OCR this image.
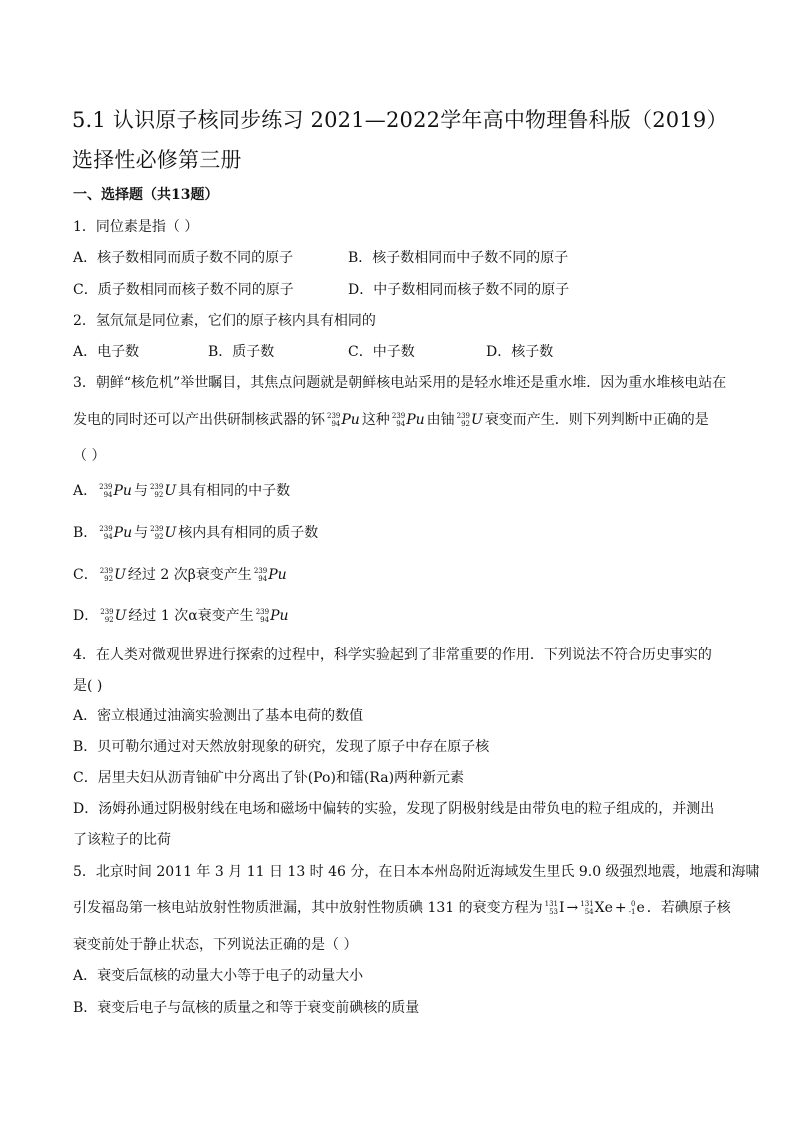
5.1 认识原子核同步练习 2021—2022学年高中物理鲁科版（2019）选择性必修第三册
一、选择题（共13题）
1．同位素是指（ ）
A．核子数相同而质子数不同的原子	B．核子数相同而中子数不同的原子
C．质子数相同而核子数不同的原子	D．中子数相同而核子数不同的原子
2．氢氘氚是同位素，它们的原子核内具有相同的
A．电子数	B．质子数	C．中子数	D．核子数
3．朝鲜“核危机”举世瞩目，其焦点问题就是朝鲜核电站采用的是轻水堆还是重水堆．因为重水堆核电站在
发电的同时还可以产出供研制核武器的钚 239
94 Pu 这种 239
94 Pu 由铀 239
92 U 衰变而产生．则下列判断中正确的是
（ ）
A． 239
94 Pu 与 239
92 U 具有相同的中子数
B． 239
94 Pu 与 239
92 U 核内具有相同的质子数
C． 239
92 U 经过 2 次β衰变产生 239
94 Pu
D． 239
92 U 经过 1 次α衰变产生 239
94 Pu
4．在人类对微观世界进行探索的过程中，科学实验起到了非常重要的作用．下列说法不符合历史事实的
是( )
A．密立根通过油滴实验测出了基本电荷的数值
B．贝可勒尔通过对天然放射现象的研究，发现了原子中存在原子核
C．居里夫妇从沥青铀矿中分离出了钋(Po)和镭(Ra)两种新元素
D．汤姆孙通过阴极射线在电场和磁场中偏转的实验，发现了阴极射线是由带负电的粒子组成的，并测出
了该粒子的比荷
5．北京时间 2011 年 3 月 11 日 13 时 46 分，在日本本州岛附近海域发生里氏 9.0 级强烈地震，地震和海啸
引发福岛第一核电站放射性物质泄漏，其中放射性物质碘 131 的衰变方程为 131
53 I → 131
54 Xe + 0
-1 e ．若碘原子核
衰变前处于静止状态，下列说法正确的是（ ）
A．衰变后氙核的动量大小等于电子的动量大小
B．衰变后电子与氙核的质量之和等于衰变前碘核的质量
